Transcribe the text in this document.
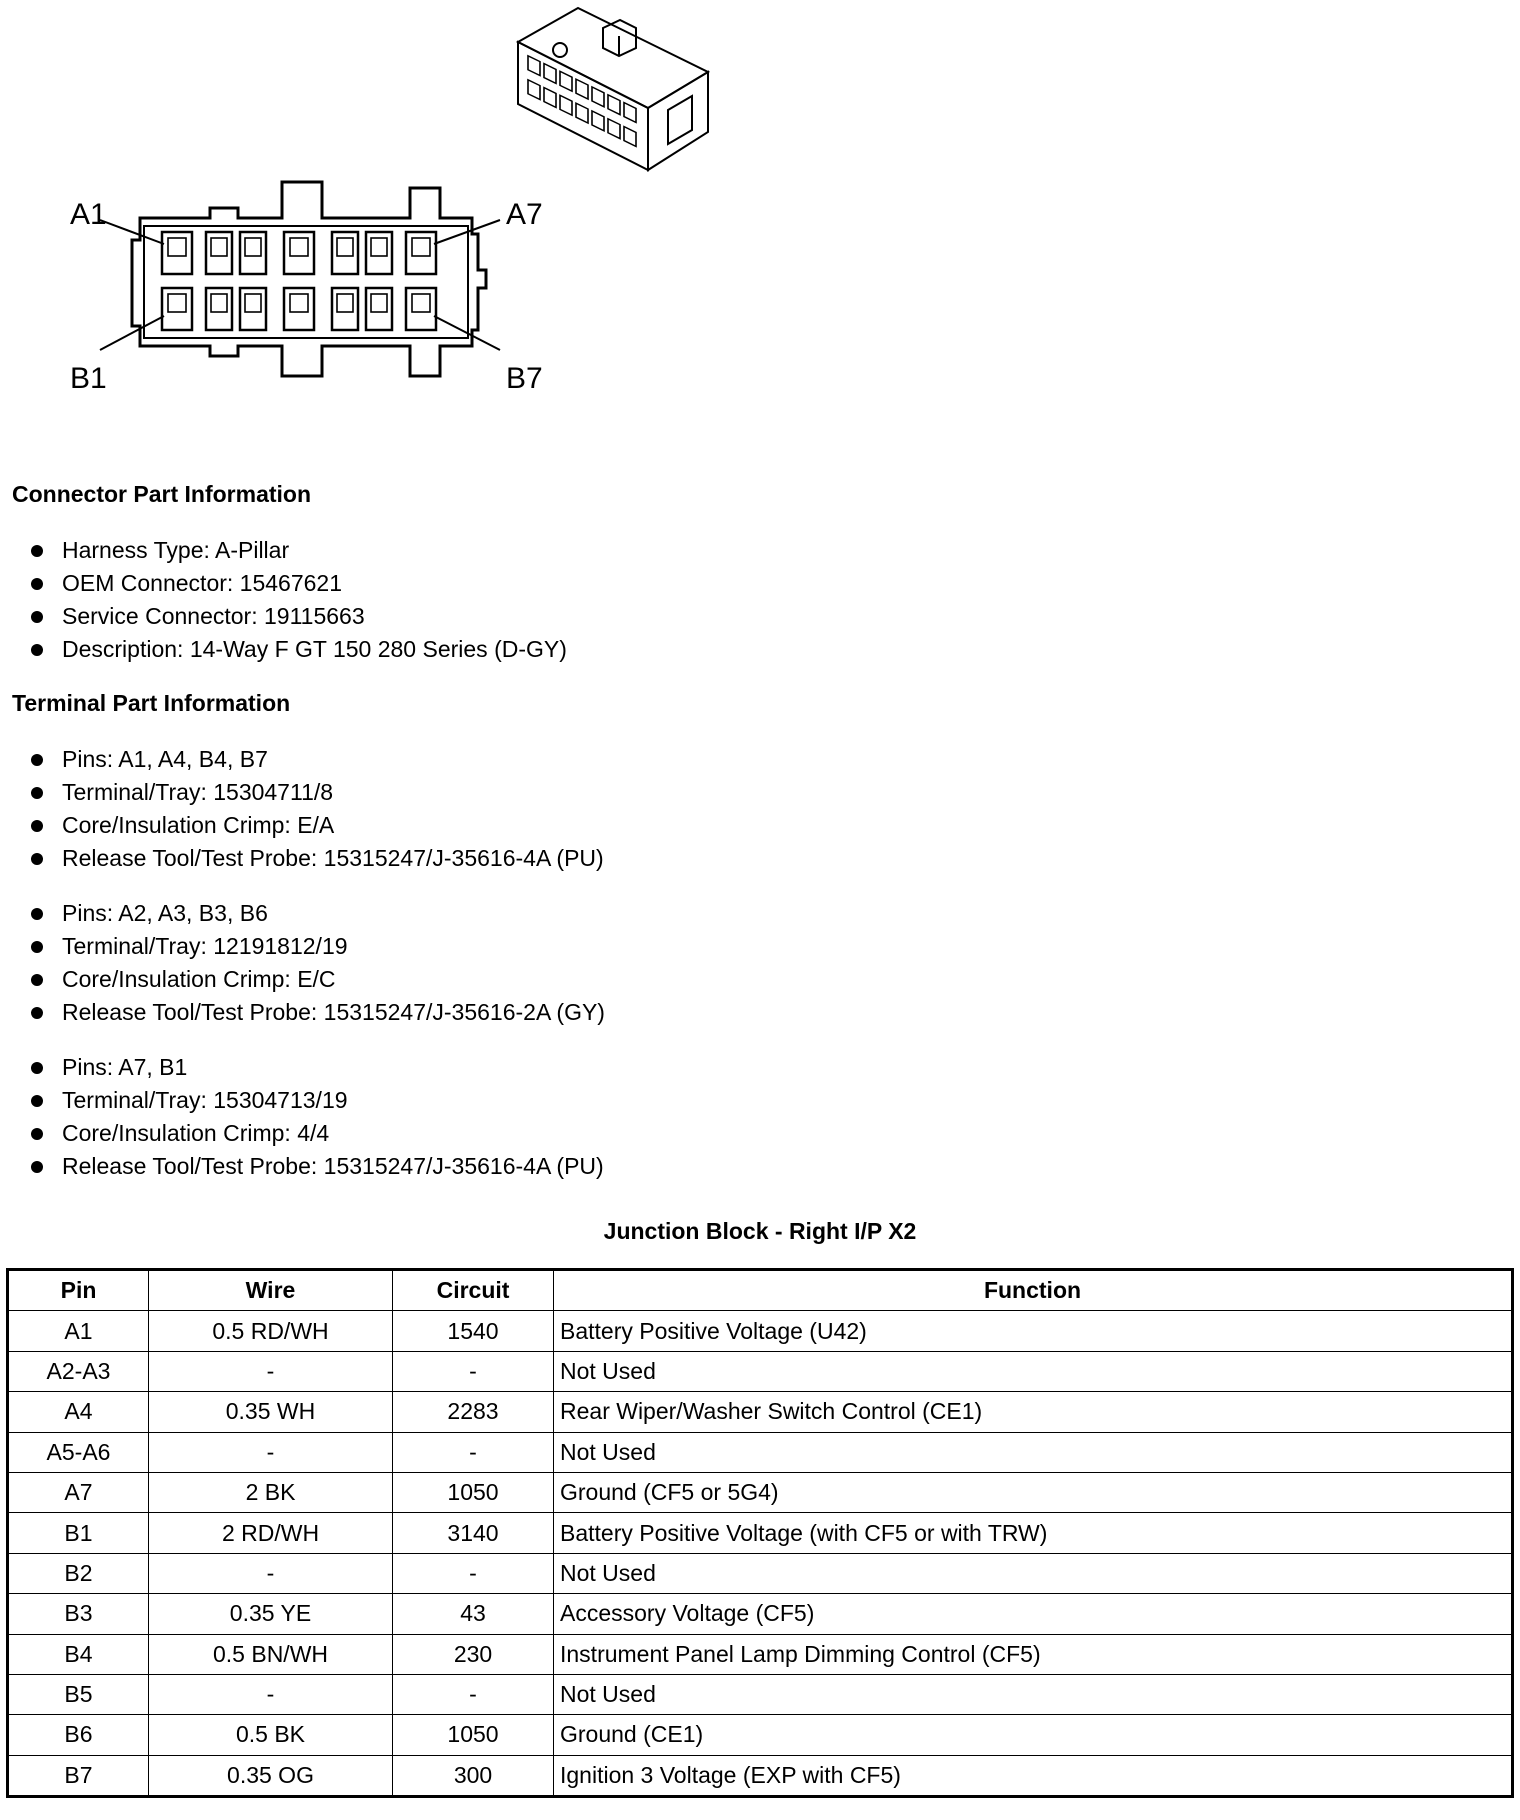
A1	A7
B1	B7
Connector Part Information
Harness Type: A-Pillar
OEM Connector: 15467621
Service Connector: 19115663
Description: 14-Way F GT 150 280 Series (D-GY)
Terminal Part Information
Pins: A1, A4, B4, B7
Terminal/Tray: 15304711/8
Core/Insulation Crimp: E/A
Release Tool/Test Probe: 15315247/J-35616-4A (PU)
Pins: A2, A3, B3, B6
Terminal/Tray: 12191812/19
Core/Insulation Crimp: E/C
Release Tool/Test Probe: 15315247/J-35616-2A (GY)
Pins: A7, B1
Terminal/Tray: 15304713/19
Core/Insulation Crimp: 4/4
Release Tool/Test Probe: 15315247/J-35616-4A (PU)
Junction Block - Right I/P X2
Pin	Wire	Circuit	Function
A1	0.5 RD/WH	1540	Battery Positive Voltage (U42)
A2-A3	-	-	Not Used
A4	0.35 WH	2283	Rear Wiper/Washer Switch Control (CE1)
A5-A6	-	-	Not Used
A7	2 BK	1050	Ground (CF5 or 5G4)
B1	2 RD/WH	3140	Battery Positive Voltage (with CF5 or with TRW)
B2	-	-	Not Used
B3	0.35 YE	43	Accessory Voltage (CF5)
B4	0.5 BN/WH	230	Instrument Panel Lamp Dimming Control (CF5)
B5	-	-	Not Used
B6	0.5 BK	1050	Ground (CE1)
B7	0.35 OG	300	Ignition 3 Voltage (EXP with CF5)
